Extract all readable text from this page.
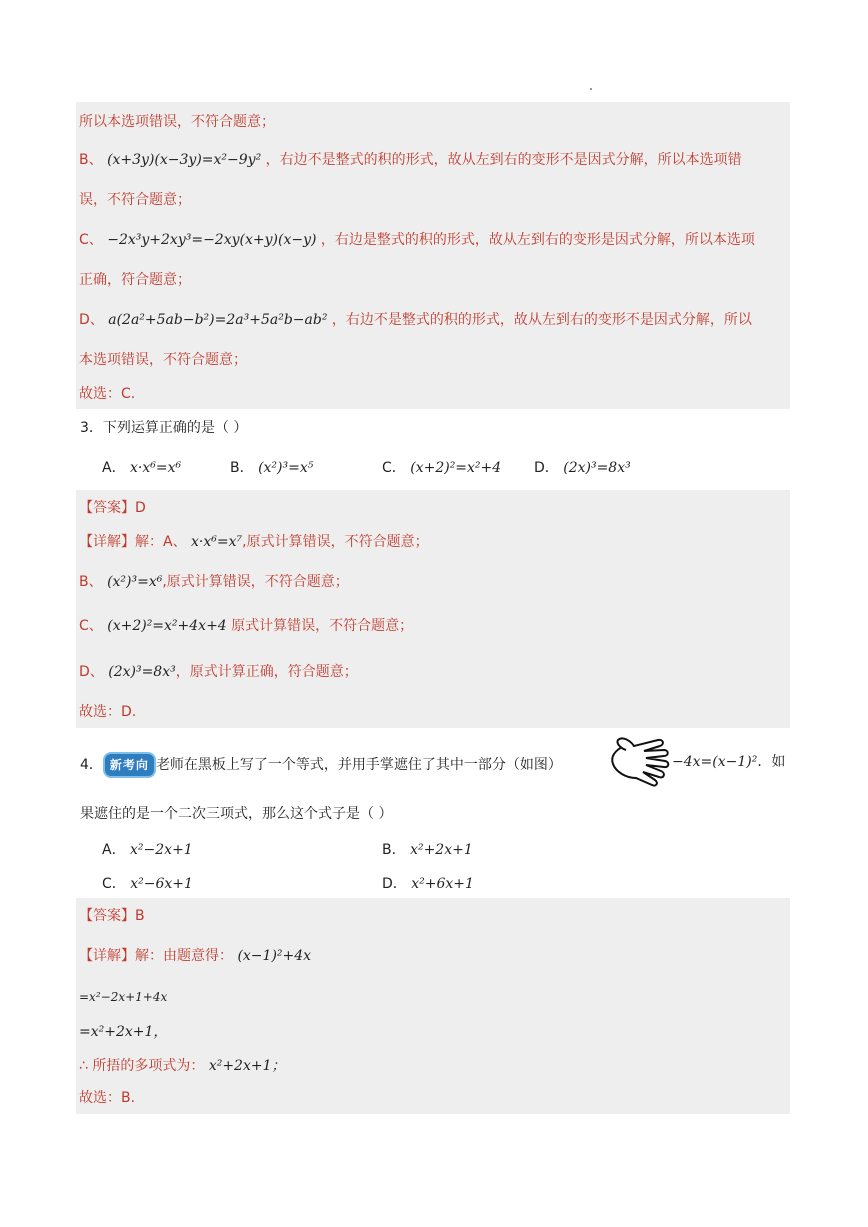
所以本选项错误，不符合题意；
B、 (x+3y)(x−3y)=x²−9y² ，右边不是整式的积的形式，故从左到右的变形不是因式分解，所以本选项错
误，不符合题意；
C、 −2x³y+2xy³=−2xy(x+y)(x−y) ，右边是整式的积的形式，故从左到右的变形是因式分解，所以本选项
正确，符合题意；
D、 a(2a²+5ab−b²)=2a³+5a²b−ab² ，右边不是整式的积的形式，故从左到右的变形不是因式分解，所以
本选项错误，不符合题意；
故选：C.
3．下列运算正确的是（ ）
A． x·x⁶=x⁶	B． (x²)³=x⁵	C． (x+2)²=x²+4 D． (2x)³=8x³
【答案】D
【详解】解：A、 x·x⁶=x⁷,原式计算错误，不符合题意；
B、 (x²)³=x⁶,原式计算错误，不符合题意；
C、 (x+2)²=x²+4x+4 原式计算错误，不符合题意；
D、 (2x)³=8x³，原式计算正确，符合题意；
故选：D.
4． 新考向 老师在黑板上写了一个等式，并用手掌遮住了其中一部分（如图）	−4x=(x−1)²．如
果遮住的是一个二次三项式，那么这个式子是（ ）
A． x²−2x+1	B． x²+2x+1
C． x²−6x+1	D． x²+6x+1
【答案】B
【详解】解：由题意得： (x−1)²+4x
=x²−2x+1+4x
=x²+2x+1，
∴ 所捂的多项式为： x²+2x+1；
故选：B.
